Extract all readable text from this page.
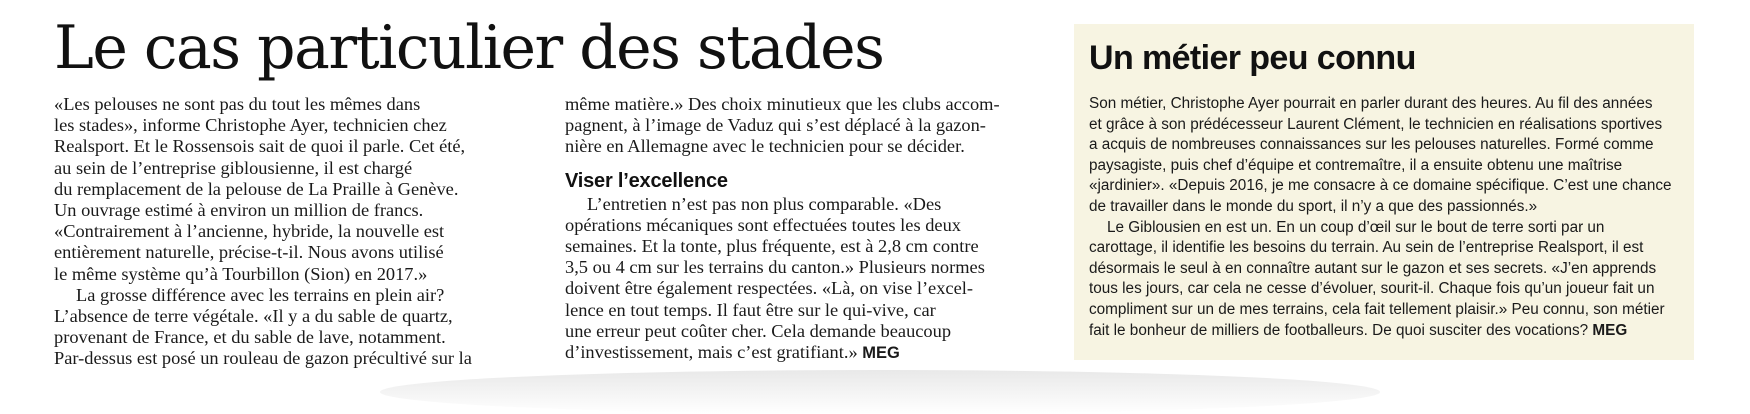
Le cas particulier des stades
«Les pelouses ne sont pas du tout les mêmes dans
les stades», informe Christophe Ayer, technicien chez
Realsport. Et le Rossensois sait de quoi il parle. Cet été,
au sein de l’entreprise giblousienne, il est chargé
du remplacement de la pelouse de La Praille à Genève.
Un ouvrage estimé à environ un million de francs.
«Contrairement à l’ancienne, hybride, la nouvelle est
entièrement naturelle, précise-t-il. Nous avons utilisé
le même système qu’à Tourbillon (Sion) en 2017.»
La grosse différence avec les terrains en plein air?
L’absence de terre végétale. «Il y a du sable de quartz,
provenant de France, et du sable de lave, notamment.
Par-dessus est posé un rouleau de gazon précultivé sur la
même matière.» Des choix minutieux que les clubs accom-
pagnent, à l’image de Vaduz qui s’est déplacé à la gazon-
nière en Allemagne avec le technicien pour se décider.
Viser l’excellence
L’entretien n’est pas non plus comparable. «Des
opérations mécaniques sont effectuées toutes les deux
semaines. Et la tonte, plus fréquente, est à 2,8 cm contre
3,5 ou 4 cm sur les terrains du canton.» Plusieurs normes
doivent être également respectées. «Là, on vise l’excel-
lence en tout temps. Il faut être sur le qui-vive, car
une erreur peut coûter cher. Cela demande beaucoup
d’investissement, mais c’est gratifiant.» MEG
Un métier peu connu
Son métier, Christophe Ayer pourrait en parler durant des heures. Au fil des années
et grâce à son prédécesseur Laurent Clément, le technicien en réalisations sportives
a acquis de nombreuses connaissances sur les pelouses naturelles. Formé comme
paysagiste, puis chef d’équipe et contremaître, il a ensuite obtenu une maîtrise
«jardinier». «Depuis 2016, je me consacre à ce domaine spécifique. C’est une chance
de travailler dans le monde du sport, il n’y a que des passionnés.»
Le Giblousien en est un. En un coup d’œil sur le bout de terre sorti par un
carottage, il identifie les besoins du terrain. Au sein de l’entreprise Realsport, il est
désormais le seul à en connaître autant sur le gazon et ses secrets. «J’en apprends
tous les jours, car cela ne cesse d’évoluer, sourit-il. Chaque fois qu’un joueur fait un
compliment sur un de mes terrains, cela fait tellement plaisir.» Peu connu, son métier
fait le bonheur de milliers de footballeurs. De quoi susciter des vocations? MEG
